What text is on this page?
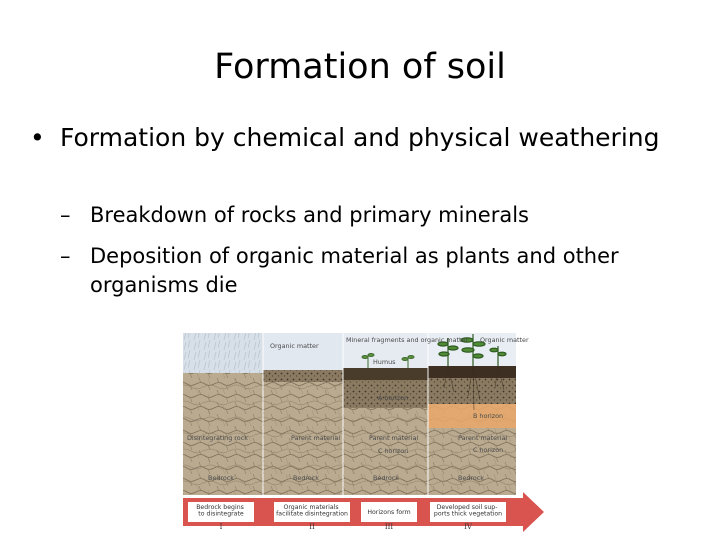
Formation of soil
• Formation by chemical and physical weathering
– Breakdown of rocks and primary minerals
– Deposition of organic material as plants and other organisms die
Organic matter
Mineral fragments and organic matter
Humus
Organic matter
A horizon
B horizon
C horizon	C horizon
Disintegrating rock	Parent material	Parent material	Parent material
Bedrock	Bedrock	Bedrock	Bedrock
Bedrock begins to disintegrate
I
Organic materials facilitate disintegration
II
Horizons form
III
Developed soil sup- ports thick vegetation
IV
